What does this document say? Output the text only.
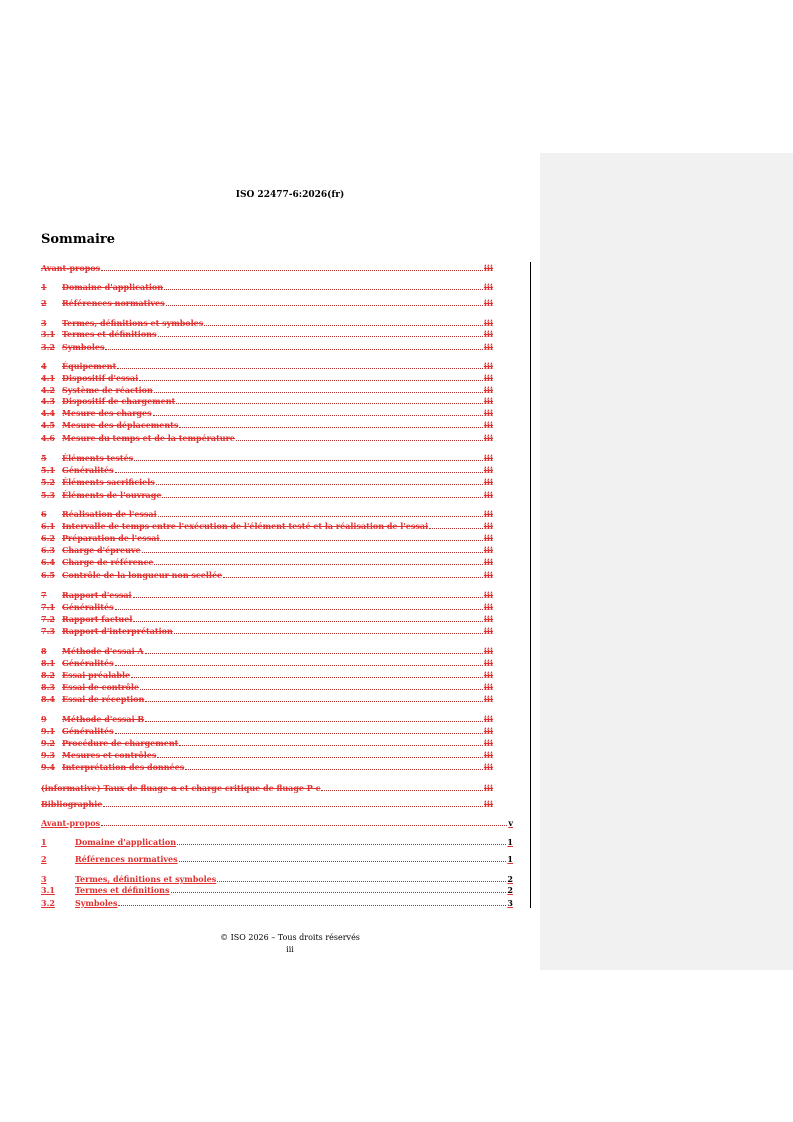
ISO 22477-6:2026(fr)
Sommaire
Avant-propos	iii
1	Domaine d'application	iii
2	Références normatives	iii
3	Termes, définitions et symboles	iii
3.1 Termes et définitions	iii
3.2 Symboles	iii
4	Équipement	iii
4.1 Dispositif d'essai	iii
4.2 Système de réaction	iii
4.3 Dispositif de chargement	iii
4.4 Mesure des charges	iii
4.5 Mesure des déplacements	iii
4.6 Mesure du temps et de la température	iii
5	Éléments testés	iii
5.1 Généralités	iii
5.2 Éléments sacrificiels	iii
5.3 Éléments de l'ouvrage	iii
6	Réalisation de l'essai	iii
6.1 Intervalle de temps entre l'exécution de l'élément testé et la réalisation de l'essai	iii
6.2 Préparation de l'essai	iii
6.3 Charge d'épreuve	iii
6.4 Charge de référence	iii
6.5 Contrôle de la longueur non scellée	iii
7	Rapport d'essai	iii
7.1 Généralités	iii
7.2 Rapport factuel	iii
7.3 Rapport d'interprétation	iii
8	Méthode d'essai A	iii
8.1 Généralités	iii
8.2 Essai préalable	iii
8.3 Essai de contrôle	iii
8.4 Essai de réception	iii
9	Méthode d'essai B	iii
9.1 Généralités	iii
9.2 Procédure de chargement	iii
9.3 Mesures et contrôles	iii
9.4 Interprétation des données	iii
(informative) Taux de fluage α et charge critique de fluage P c	iii
Bibliographie	iii
Avant-propos	v
1	Domaine d'application	1
2	Références normatives	1
3	Termes, définitions et symboles	2
3.1	Termes et définitions	2
3.2	Symboles	3
© ISO 2026 – Tous droits réservés
iii
